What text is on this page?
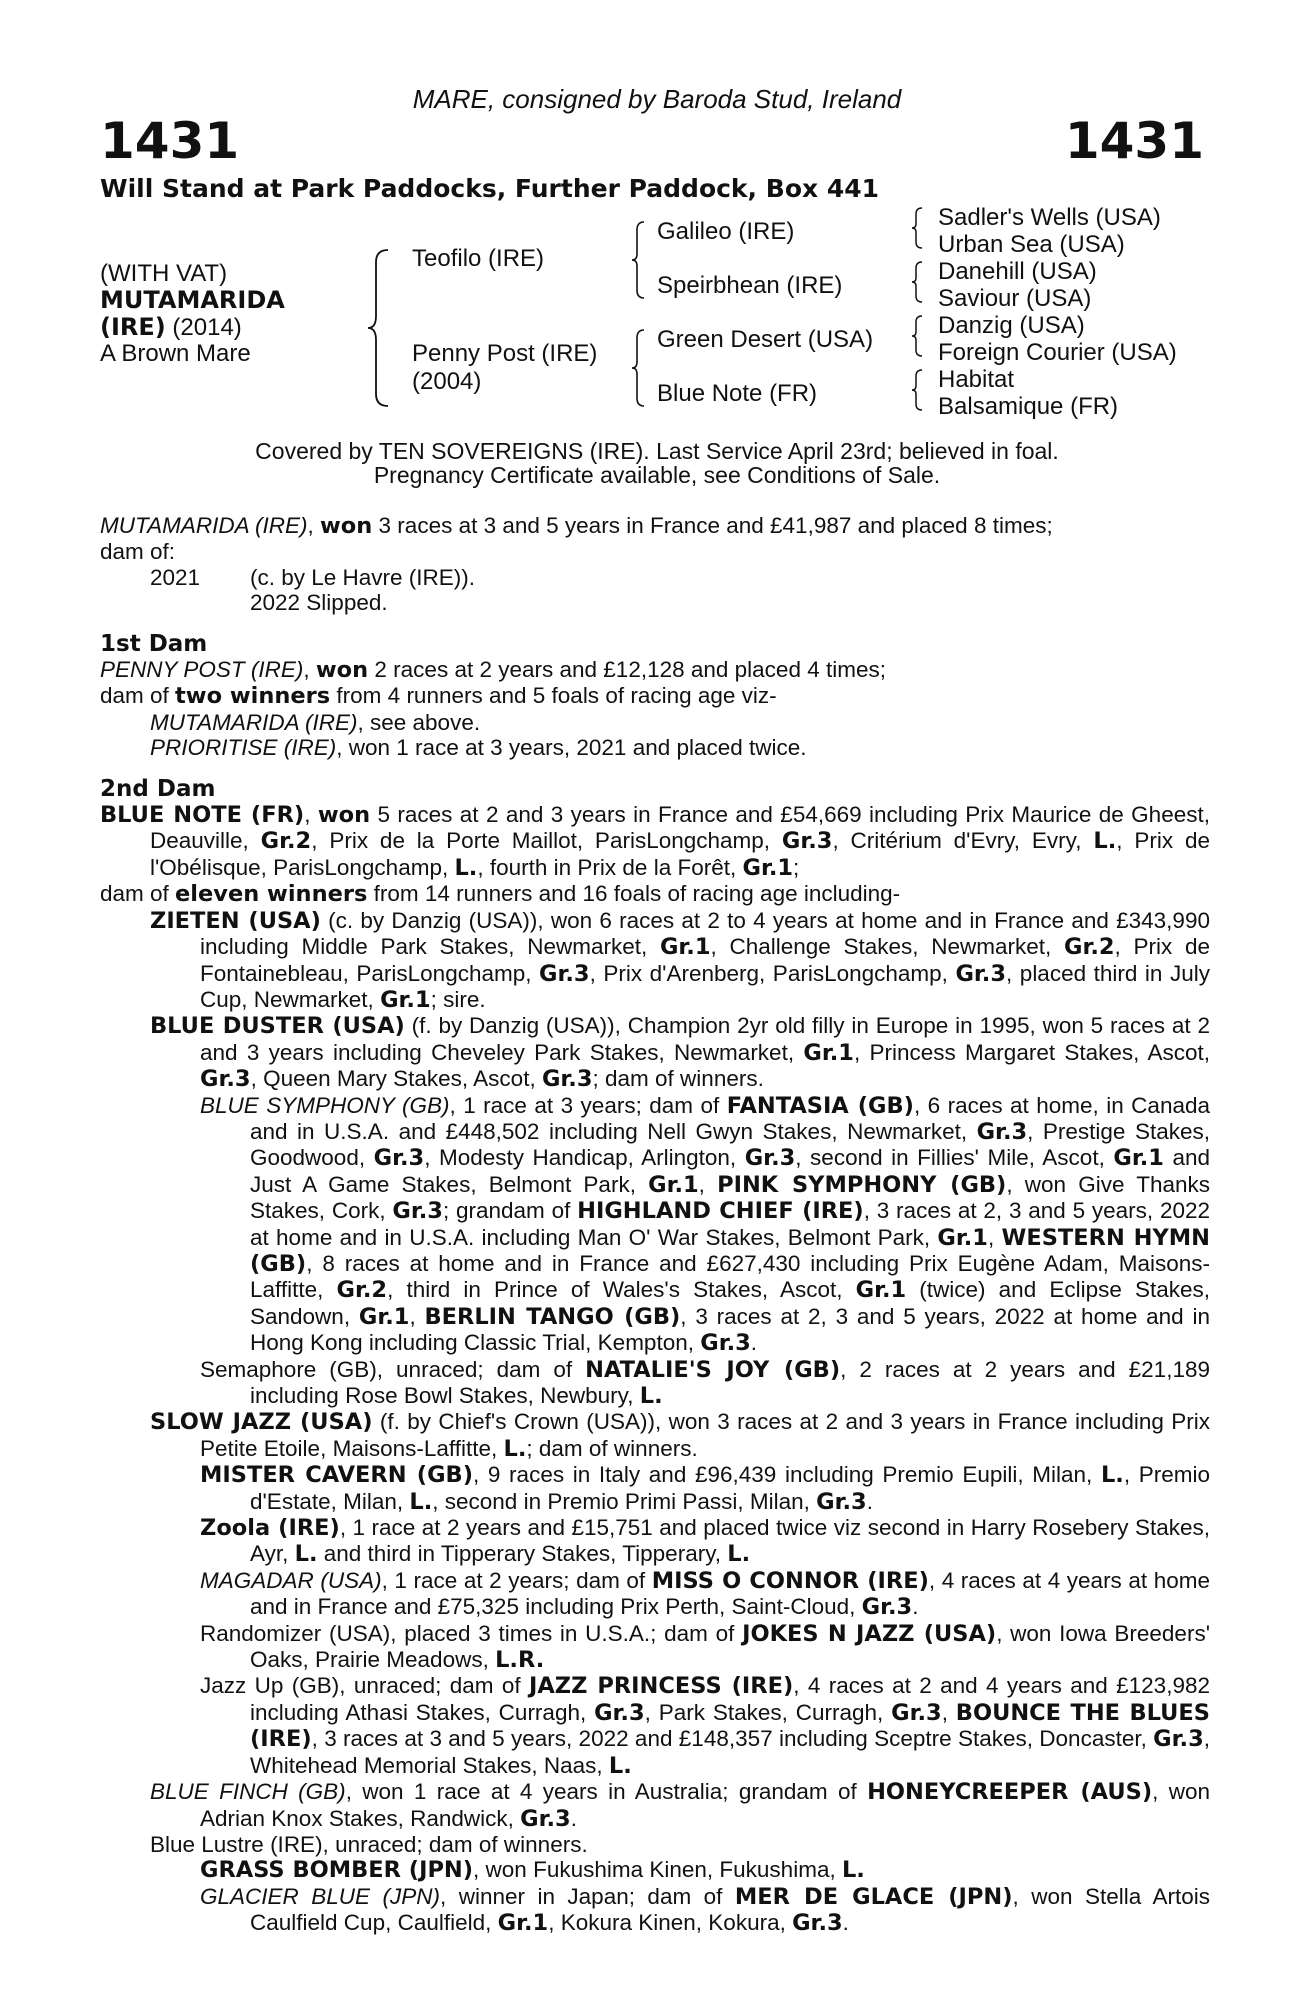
MARE, consigned by Baroda Stud, Ireland
1431	1431
Will Stand at Park Paddocks, Further Paddock, Box 441
(WITH VAT)
MUTAMARIDA
(IRE) (2014)
A Brown Mare
Teofilo (IRE)
Penny Post (IRE)
(2004)
Galileo (IRE)
Speirbhean (IRE)
Green Desert (USA)
Blue Note (FR)
Sadler's Wells (USA)
Urban Sea (USA)
Danehill (USA)
Saviour (USA)
Danzig (USA)
Foreign Courier (USA)
Habitat
Balsamique (FR)
Covered by TEN SOVEREIGNS (IRE). Last Service April 23rd; believed in foal.
Pregnancy Certificate available, see Conditions of Sale.

MUTAMARIDA (IRE), won 3 races at 3 and 5 years in France and £41,987 and placed 8 times;
dam of:

2021 (c. by Le Havre (IRE)).

2022 Slipped.

1st Dam

PENNY POST (IRE), won 2 races at 2 years and £12,128 and placed 4 times;
dam of two winners from 4 runners and 5 foals of racing age viz-

MUTAMARIDA (IRE), see above.
PRIORITISE (IRE), won 1 race at 3 years, 2021 and placed twice.

2nd Dam

BLUE NOTE (FR), won 5 races at 2 and 3 years in France and £54,669 including Prix Maurice de Gheest, Deauville, Gr.2, Prix de la Porte Maillot, ParisLongchamp, Gr.3, Critérium d'Evry, Evry, L., Prix de l'Obélisque, ParisLongchamp, L., fourth in Prix de la Forêt, Gr.1;

dam of eleven winners from 14 runners and 16 foals of racing age including-

ZIETEN (USA) (c. by Danzig (USA)), won 6 races at 2 to 4 years at home and in France and £343,990 including Middle Park Stakes, Newmarket, Gr.1, Challenge Stakes, Newmarket, Gr.2, Prix de Fontainebleau, ParisLongchamp, Gr.3, Prix d'Arenberg, ParisLongchamp, Gr.3, placed third in July Cup, Newmarket, Gr.1; sire.

BLUE DUSTER (USA) (f. by Danzig (USA)), Champion 2yr old filly in Europe in 1995, won 5 races at 2 and 3 years including Cheveley Park Stakes, Newmarket, Gr.1, Princess Margaret Stakes, Ascot, Gr.3, Queen Mary Stakes, Ascot, Gr.3; dam of winners.

BLUE SYMPHONY (GB), 1 race at 3 years; dam of FANTASIA (GB), 6 races at home, in Canada and in U.S.A. and £448,502 including Nell Gwyn Stakes, Newmarket, Gr.3, Prestige Stakes, Goodwood, Gr.3, Modesty Handicap, Arlington, Gr.3, second in Fillies' Mile, Ascot, Gr.1 and Just A Game Stakes, Belmont Park, Gr.1, PINK SYMPHONY (GB), won Give Thanks Stakes, Cork, Gr.3; grandam of HIGHLAND CHIEF (IRE), 3 races at 2, 3 and 5 years, 2022 at home and in U.S.A. including Man O' War Stakes, Belmont Park, Gr.1, WESTERN HYMN (GB), 8 races at home and in France and £627,430 including Prix Eugène Adam, Maisons-Laffitte, Gr.2, third in Prince of Wales's Stakes, Ascot, Gr.1 (twice) and Eclipse Stakes, Sandown, Gr.1, BERLIN TANGO (GB), 3 races at 2, 3 and 5 years, 2022 at home and in Hong Kong including Classic Trial, Kempton, Gr.3.

Semaphore (GB), unraced; dam of NATALIE'S JOY (GB), 2 races at 2 years and £21,189 including Rose Bowl Stakes, Newbury, L.

SLOW JAZZ (USA) (f. by Chief's Crown (USA)), won 3 races at 2 and 3 years in France including Prix Petite Etoile, Maisons-Laffitte, L.; dam of winners.

MISTER CAVERN (GB), 9 races in Italy and £96,439 including Premio Eupili, Milan, L., Premio d'Estate, Milan, L., second in Premio Primi Passi, Milan, Gr.3.

Zoola (IRE), 1 race at 2 years and £15,751 and placed twice viz second in Harry Rosebery Stakes, Ayr, L. and third in Tipperary Stakes, Tipperary, L.

MAGADAR (USA), 1 race at 2 years; dam of MISS O CONNOR (IRE), 4 races at 4 years at home and in France and £75,325 including Prix Perth, Saint-Cloud, Gr.3.

Randomizer (USA), placed 3 times in U.S.A.; dam of JOKES N JAZZ (USA), won Iowa Breeders' Oaks, Prairie Meadows, L.R.

Jazz Up (GB), unraced; dam of JAZZ PRINCESS (IRE), 4 races at 2 and 4 years and £123,982 including Athasi Stakes, Curragh, Gr.3, Park Stakes, Curragh, Gr.3, BOUNCE THE BLUES (IRE), 3 races at 3 and 5 years, 2022 and £148,357 including Sceptre Stakes, Doncaster, Gr.3, Whitehead Memorial Stakes, Naas, L.

BLUE FINCH (GB), won 1 race at 4 years in Australia; grandam of HONEYCREEPER (AUS), won Adrian Knox Stakes, Randwick, Gr.3.

Blue Lustre (IRE), unraced; dam of winners.

GRASS BOMBER (JPN), won Fukushima Kinen, Fukushima, L.

GLACIER BLUE (JPN), winner in Japan; dam of MER DE GLACE (JPN), won Stella Artois Caulfield Cup, Caulfield, Gr.1, Kokura Kinen, Kokura, Gr.3.
